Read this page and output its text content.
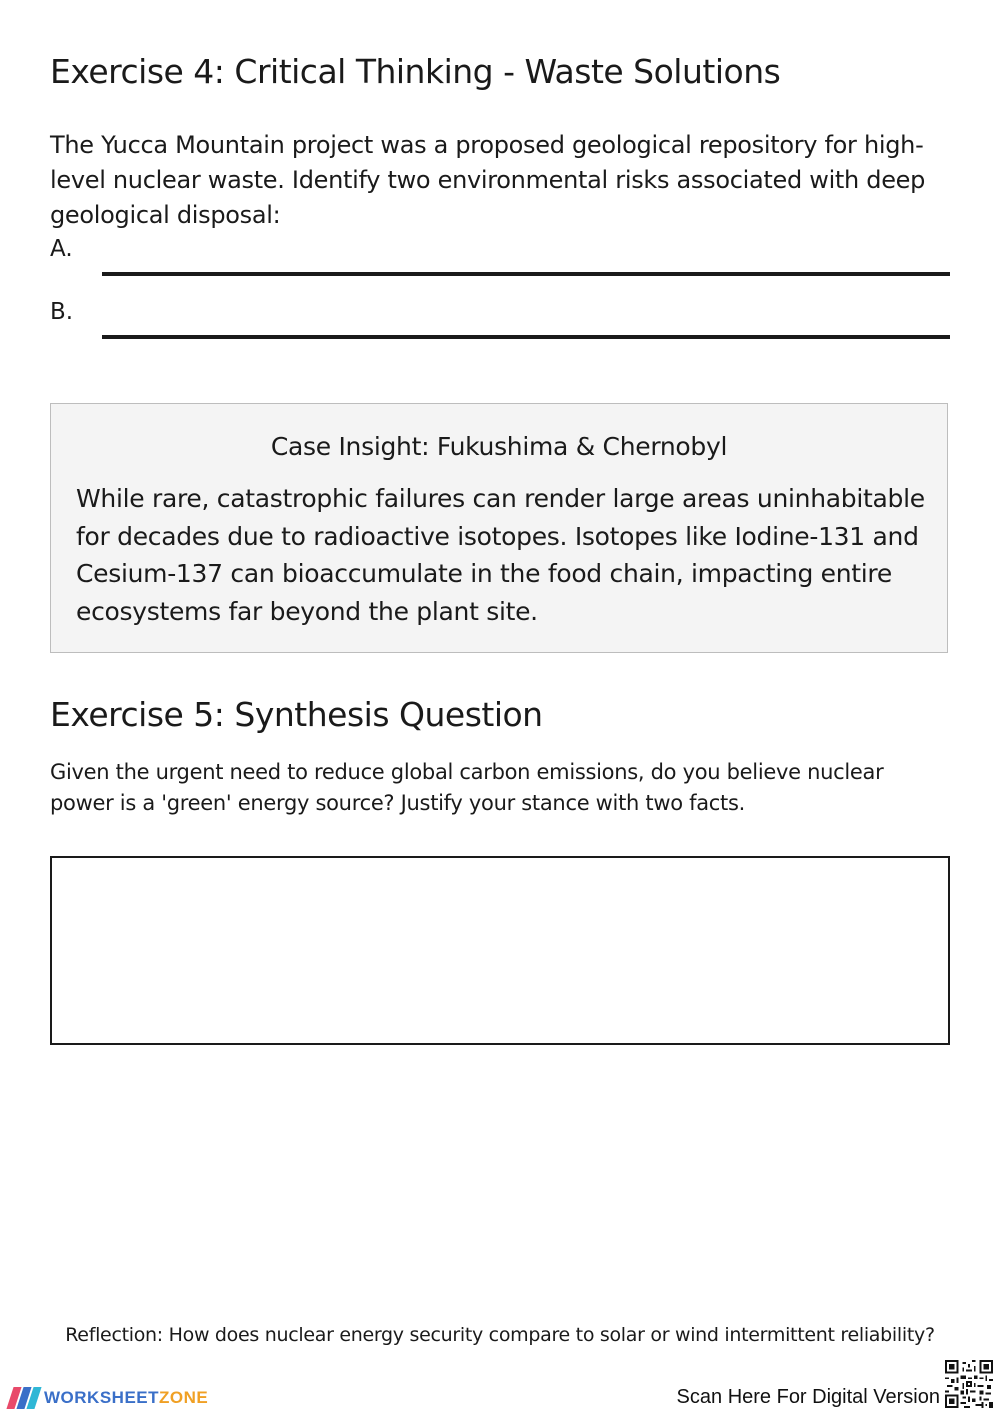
Exercise 4: Critical Thinking - Waste Solutions

The Yucca Mountain project was a proposed geological repository for high-level nuclear waste. Identify two environmental risks associated with deep geological disposal:

A.
B.
Case Insight: Fukushima & Chernobyl
While rare, catastrophic failures can render large areas uninhabitable for decades due to radioactive isotopes. Isotopes like Iodine-131 and Cesium-137 can bioaccumulate in the food chain, impacting entire ecosystems far beyond the plant site.
Exercise 5: Synthesis Question

Given the urgent need to reduce global carbon emissions, do you believe nuclear power is a 'green' energy source? Justify your stance with two facts.

Reflection: How does nuclear energy security compare to solar or wind intermittent reliability?
WORKSHEETZONE	Scan Here For Digital Version
